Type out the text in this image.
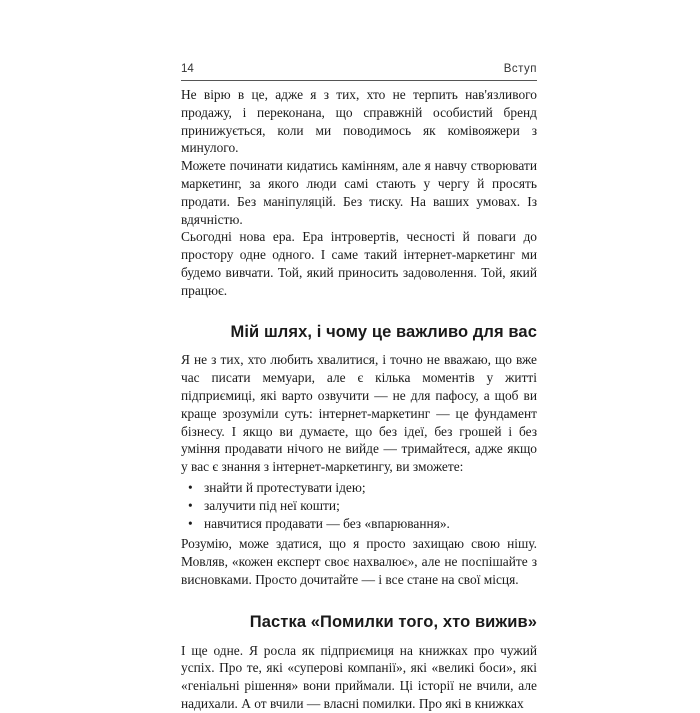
14	Вступ

Не вірю в це, адже я з тих, хто не терпить нав'язливого продажу, і переконана, що справжній особистий бренд принижується, коли ми поводимось як комівояжери з минулого.

Можете починати кидатись камінням, але я навчу створювати маркетинг, за якого люди самі стають у чергу й просять продати. Без маніпуляцій. Без тиску. На ваших умовах. Із вдячністю.

Сьогодні нова ера. Ера інтровертів, чесності й поваги до простору одне одного. І саме такий інтернет-маркетинг ми будемо вивчати. Той, який приносить задоволення. Той, який працює.

Мій шлях, і чому це важливо для вас

Я не з тих, хто любить хвалитися, і точно не вважаю, що вже час писати мемуари, але є кілька моментів у житті підприємиці, які варто озвучити — не для пафосу, а щоб ви краще зрозуміли суть: інтернет-маркетинг — це фундамент бізнесу. І якщо ви думаєте, що без ідеї, без грошей і без уміння продавати нічого не вийде — тримайтеся, адже якщо у вас є знання з інтернет-маркетингу, ви зможете:

• знайти й протестувати ідею;
• залучити під неї кошти;
• навчитися продавати — без «впарювання».

Розумію, може здатися, що я просто захищаю свою нішу. Мовляв, «кожен експерт своє нахвалює», але не поспішайте з висновками. Просто дочитайте — і все стане на свої місця.

Пастка «Помилки того, хто вижив»

І ще одне. Я росла як підприємиця на книжках про чужий успіх. Про те, які «суперові компанії», які «великі боси», які «геніальні рішення» вони приймали. Ці історії не вчили, але надихали. А от вчили — власні помилки. Про які в книжках
